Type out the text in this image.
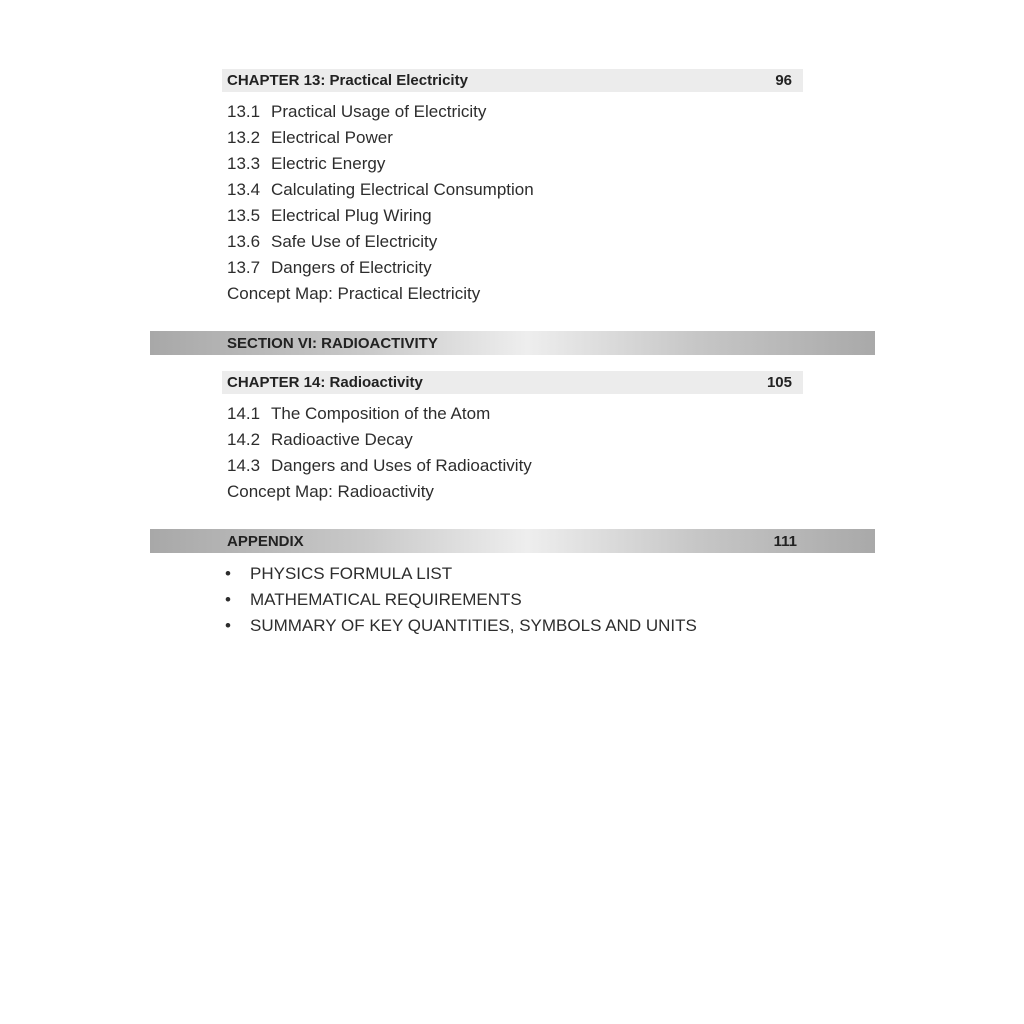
CHAPTER 13: Practical Electricity	96
13.1 Practical Usage of Electricity
13.2 Electrical Power
13.3 Electric Energy
13.4 Calculating Electrical Consumption
13.5 Electrical Plug Wiring
13.6 Safe Use of Electricity
13.7 Dangers of Electricity
Concept Map: Practical Electricity
SECTION VI: RADIOACTIVITY
CHAPTER 14: Radioactivity	105
14.1 The Composition of the Atom
14.2 Radioactive Decay
14.3 Dangers and Uses of Radioactivity
Concept Map: Radioactivity
APPENDIX	111
• PHYSICS FORMULA LIST
• MATHEMATICAL REQUIREMENTS
• SUMMARY OF KEY QUANTITIES, SYMBOLS AND UNITS
